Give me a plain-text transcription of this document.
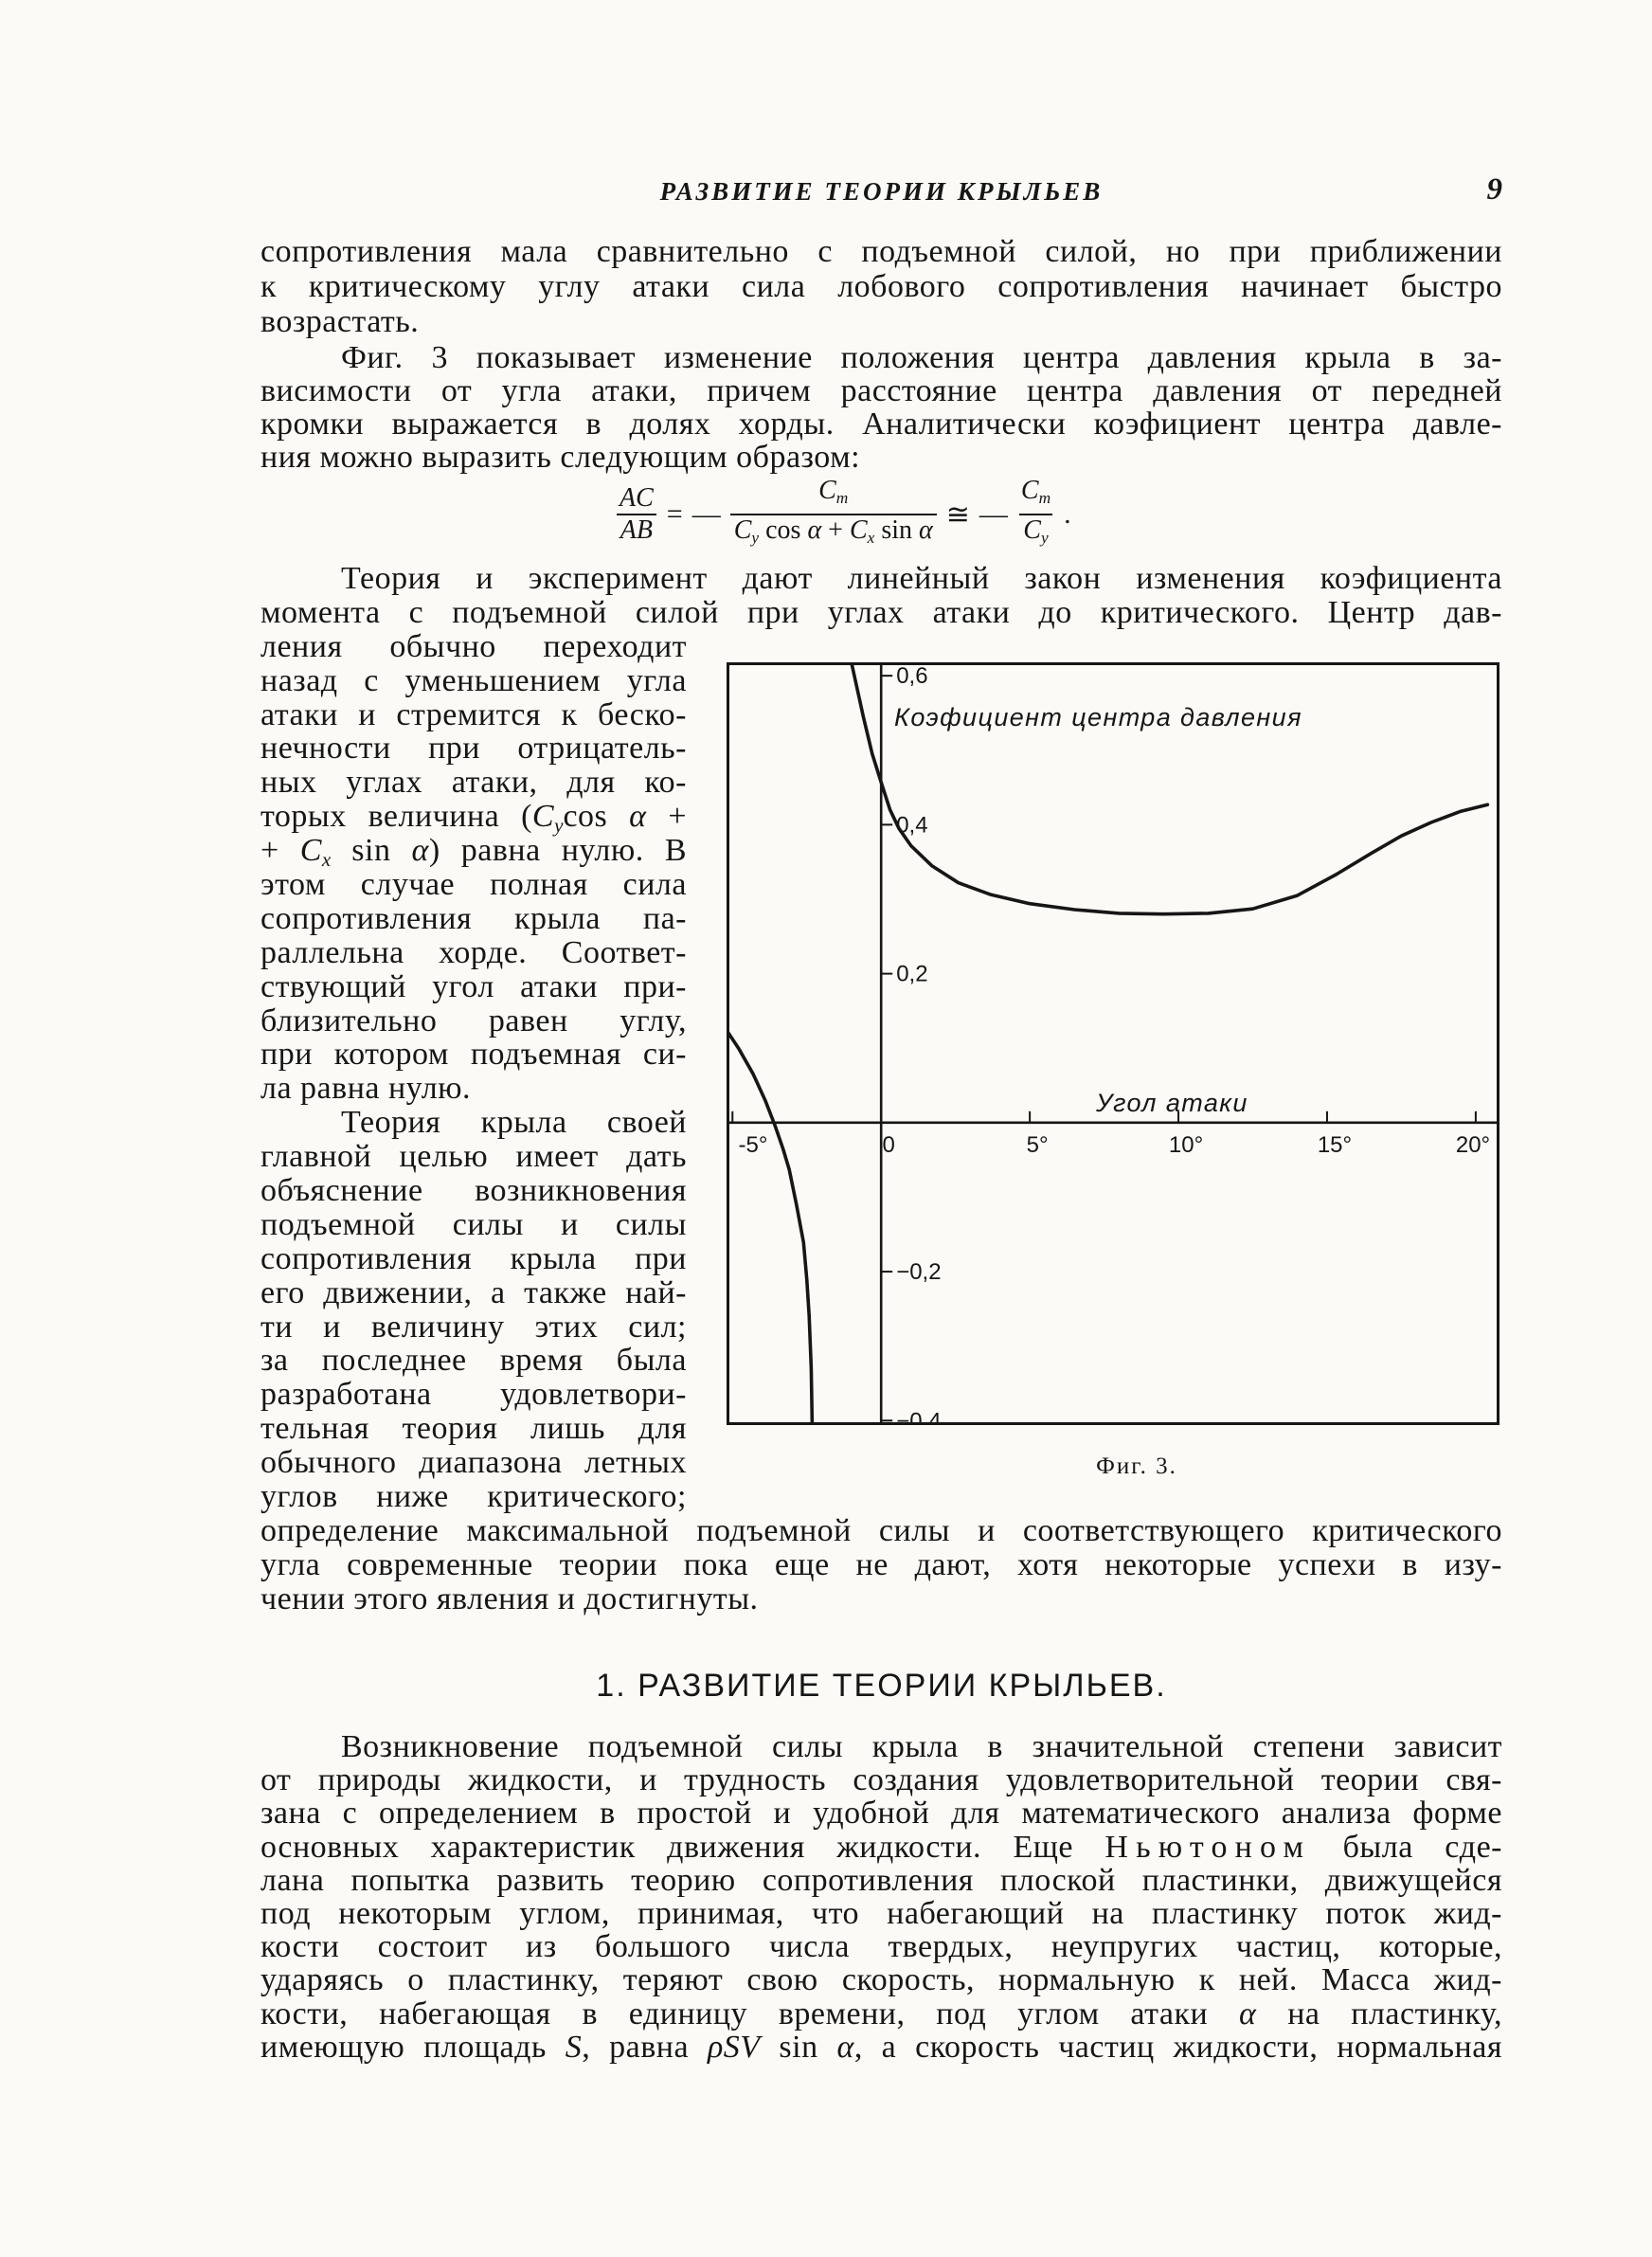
РАЗВИТИЕ ТЕОРИИ КРЫЛЬЕВ	9
сопротивления мала сравнительно с подъемной силой, но при приближении
к критическому углу атаки сила лобового сопротивления начинает быстро
возрастать.
Фиг. 3 показывает изменение положения центра давления крыла в за-
висимости от угла атаки, причем расстояние центра давления от передней
кромки выражается в долях хорды. Аналитически коэфициент центра давле-
ния можно выразить следующим образом:
$\frac{AC}{AB}$ = — $\frac{C_m}{C_y \cos \alpha + C_x \sin \alpha}$ ≅ — $\frac{C_m}{C_y}$ .
Теория и эксперимент дают линейный закон изменения коэфициента
момента с подъемной силой при углах атаки до критического. Центр дав-
ления обычно переходит
назад с уменьшением угла
атаки и стремится к беско-
нечности при отрицатель-
ных углах атаки, для ко-
торых величина ($C_y\cos$ α +
+ $C_x$ sin α) равна нулю. В
этом случае полная сила
сопротивления крыла па-
раллельна хорде. Соответ-
ствующий угол атаки при-
близительно равен углу,
при котором подъемная си-
ла равна нулю.
Теория крыла своей
главной целью имеет дать
объяснение возникновения
подъемной силы и силы
сопротивления крыла при
его движении, а также най-
ти и величину этих сил;
за последнее время была
разработана удовлетвори-
тельная теория лишь для
обычного диапазона летных
углов ниже критического;
определение максимальной подъемной силы и соответствующего критического
угла современные теории пока еще не дают, хотя некоторые успехи в изу-
чении этого явления и достигнуты.
0,6
0,4
0,2
−0,2
−0,4
-5°	0	5°	10°	15°	20°
Коэфициент центра давления
Угол атаки
Фиг. 3.
1. РАЗВИТИЕ ТЕОРИИ КРЫЛЬЕВ.
Возникновение подъемной силы крыла в значительной степени зависит
от природы жидкости, и трудность создания удовлетворительной теории свя-
зана с определением в простой и удобной для математического анализа форме
основных характеристик движения жидкости. Еще Ньютоном была сде-
лана попытка развить теорию сопротивления плоской пластинки, движущейся
под некоторым углом, принимая, что набегающий на пластинку поток жид-
кости состоит из большого числа твердых, неупругих частиц, которые,
ударяясь о пластинку, теряют свою скорость, нормальную к ней. Масса жид-
кости, набегающая в единицу времени, под углом атаки α на пластинку,
имеющую площадь S, равна ρSV sin α, а скорость частиц жидкости, нормальная
